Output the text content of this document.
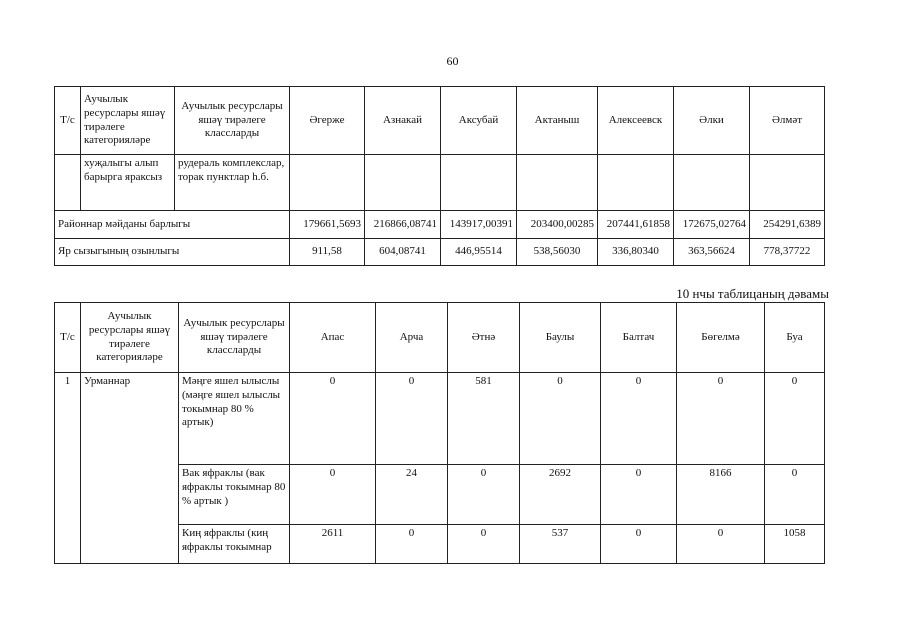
60
Т/с	Аучылык ресурслары яшәү тирәлеге категорияләре	Аучылык ресурслары яшәү тирәлеге классларды	Әгерже	Азнакай	Аксубай	Актаныш	Алексеевск	Әлки	Әлмәт
	хуҗалыгы алып барырга яраксыз	рудераль комплекслар, торак пунктлар һ.б.							
Районнар мәйданы барлыгы			179661,5693	216866,08741	143917,00391	203400,00285	207441,61858	172675,02764	254291,6389
Яр сызыгының озынлыгы			911,58	604,08741	446,95514	538,56030	336,80340	363,56624	778,37722
10 нчы таблицаның дәвамы
Т/с	Аучылык ресурслары яшәү тирәлеге категорияләре	Аучылык ресурслары яшәү тирәлеге классларды	Апас	Арча	Әтнә	Баулы	Балтач	Бөгелмә	Буа
1	Урманнар	Мәңге яшел ылыслы (мәңге яшел ылыслы токымнар 80 % артык)	0	0	581	0	0	0	0
		Вак яфраклы (вак яфраклы токымнар 80 % артык )	0	24	0	2692	0	8166	0
		Киң яфраклы (киң яфраклы токымнар	2611	0	0	537	0	0	1058
